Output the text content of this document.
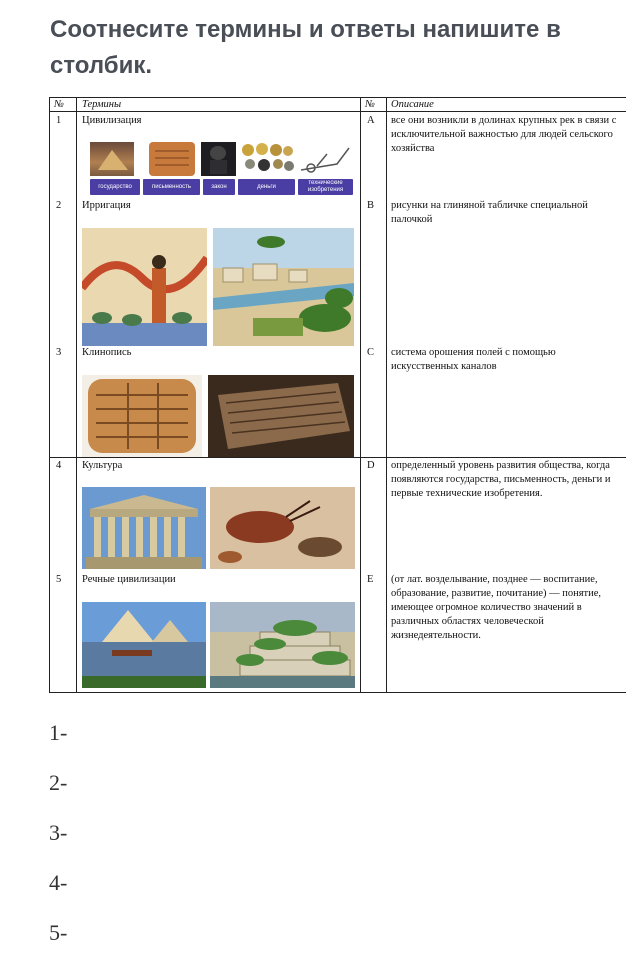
Соотнесите термины и ответы напишите в столбик.
№ Термины	№ Описание
1 Цивилизация	A все они возникли в долинах крупных рек в связи с исключительной важностью для людей сельского хозяйства
государство	письменность	закон	деньги
технические изобретения
2 Ирригация	B рисунки на глиняной табличке специальной палочкой
3 Клинопись	C система орошения полей с помощью искусственных каналов
4 Культура	D определенный уровень развития общества, когда появляются государства, письменность, деньги и первые технические изобретения.
5 Речные цивилизации	E (от лат. возделывание, позднее — воспитание, образование, развитие, почитание) — понятие, имеющее огромное количество значений в различных областях человеческой жизнедеятельности.
1-
2-
3-
4-
5-
